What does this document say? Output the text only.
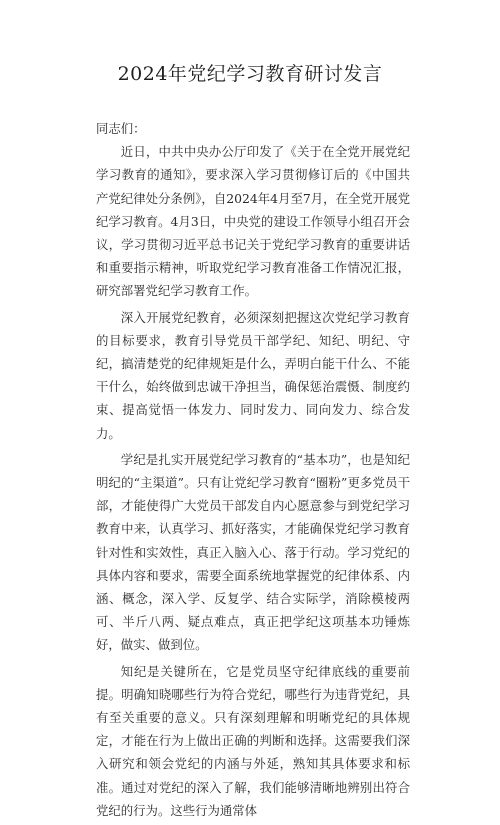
2024年党纪学习教育研讨发言

同志们：

近日，中共中央办公厅印发了《关于在全党开展党纪学习教育的通知》，要求深入学习贯彻修订后的《中国共产党纪律处分条例》，自2024年4月至7月，在全党开展党纪学习教育。4月3日，中央党的建设工作领导小组召开会议，学习贯彻习近平总书记关于党纪学习教育的重要讲话和重要指示精神，听取党纪学习教育准备工作情况汇报，研究部署党纪学习教育工作。

深入开展党纪教育，必须深刻把握这次党纪学习教育的目标要求，教育引导党员干部学纪、知纪、明纪、守纪，搞清楚党的纪律规矩是什么，弄明白能干什么、不能干什么，始终做到忠诚干净担当，确保惩治震慑、制度约束、提高觉悟一体发力、同时发力、同向发力、综合发力。

学纪是扎实开展党纪学习教育的“基本功”，也是知纪明纪的“主渠道”。只有让党纪学习教育“圈粉”更多党员干部，才能使得广大党员干部发自内心愿意参与到党纪学习教育中来，认真学习、抓好落实，才能确保党纪学习教育针对性和实效性，真正入脑入心、落于行动。学习党纪的具体内容和要求，需要全面系统地掌握党的纪律体系、内涵、概念，深入学、反复学、结合实际学，消除模棱两可、半斤八两、疑点难点，真正把学纪这项基本功锤炼好，做实、做到位。

知纪是关键所在，它是党员坚守纪律底线的重要前提。明确知晓哪些行为符合党纪，哪些行为违背党纪，具有至关重要的意义。只有深刻理解和明晰党纪的具体规定，才能在行为上做出正确的判断和选择。这需要我们深入研究和领会党纪的内涵与外延，熟知其具体要求和标准。通过对党纪的深入了解，我们能够清晰地辨别出符合党纪的行为。这些行为通常体
